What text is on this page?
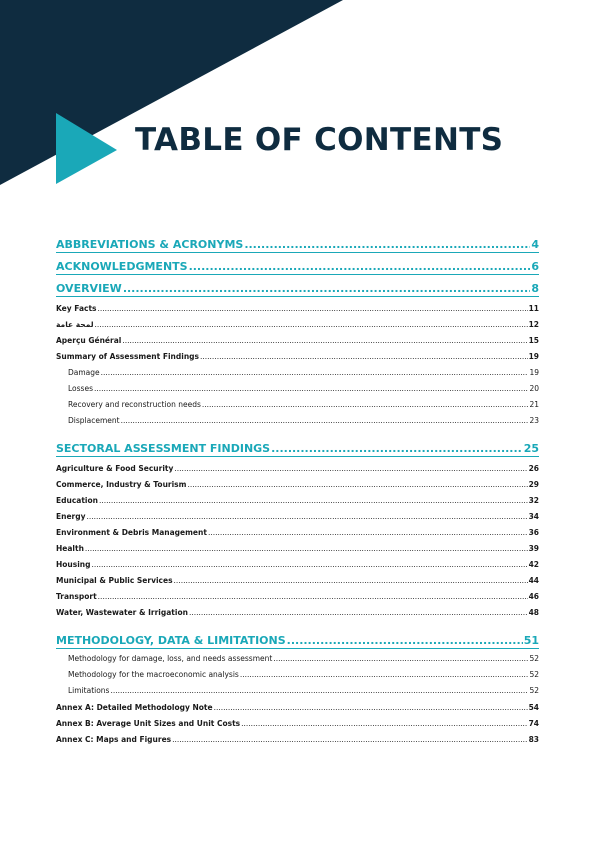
TABLE OF CONTENTS
ABBREVIATIONS & ACRONYMS .....	4
ACKNOWLEDGMENTS .....	6
OVERVIEW .....	8
Key Facts .....	11
لمحة عامة .....	12
Aperçu Général .....	15
Summary of Assessment Findings .....	19
Damage .....	19
Losses .....	20
Recovery and reconstruction needs .....	21
Displacement .....	23
SECTORAL ASSESSMENT FINDINGS .....	25
Agriculture & Food Security .....	26
Commerce, Industry & Tourism .....	29
Education .....	32
Energy .....	34
Environment & Debris Management .....	36
Health .....	39
Housing .....	42
Municipal & Public Services .....	44
Transport .....	46
Water, Wastewater & Irrigation .....	48
METHODOLOGY, DATA & LIMITATIONS .....	51
Methodology for damage, loss, and needs assessment .....	52
Methodology for the macroeconomic analysis .....	52
Limitations .....	52
Annex A: Detailed Methodology Note .....	54
Annex B: Average Unit Sizes and Unit Costs .....	74
Annex C: Maps and Figures .....	83
